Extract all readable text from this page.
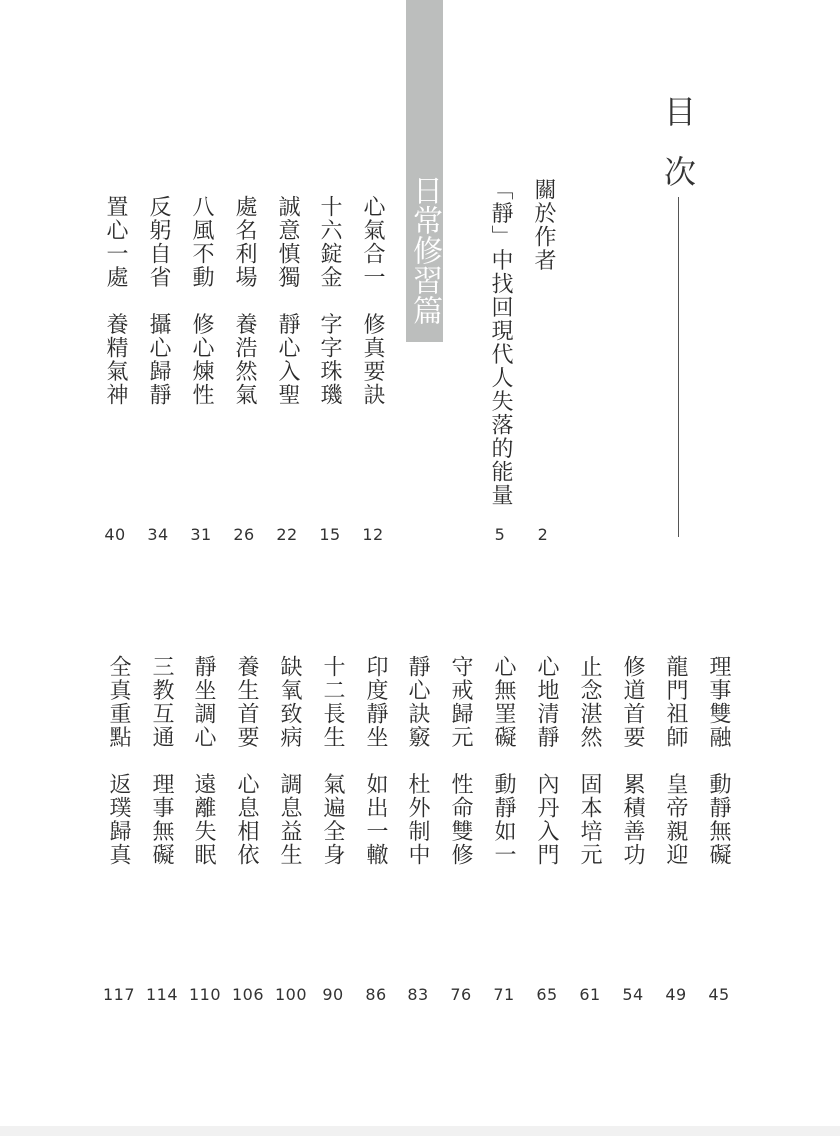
目
次
日常修習篇	關於作者
2
「靜」中找回現代人失落的能量
5
心氣合一　修真要訣
12
十六錠金　字字珠璣
15
誠意慎獨　靜心入聖
22
處名利場　養浩然氣
26
八風不動　修心煉性
31
反躬自省　攝心歸靜
34
置心一處　養精氣神
40
理事雙融　動靜無礙
45
龍門祖師　皇帝親迎
49
修道首要　累積善功
54
止念湛然　固本培元
61
心地清靜　內丹入門
65
心無罣礙　動靜如一
71
守戒歸元　性命雙修
76
靜心訣竅　杜外制中
83
印度靜坐　如出一轍
86
十二長生　氣遍全身
90
缺氧致病　調息益生
100
養生首要　心息相依
106
靜坐調心　遠離失眠
110
三教互通　理事無礙
114
全真重點　返璞歸真
117
